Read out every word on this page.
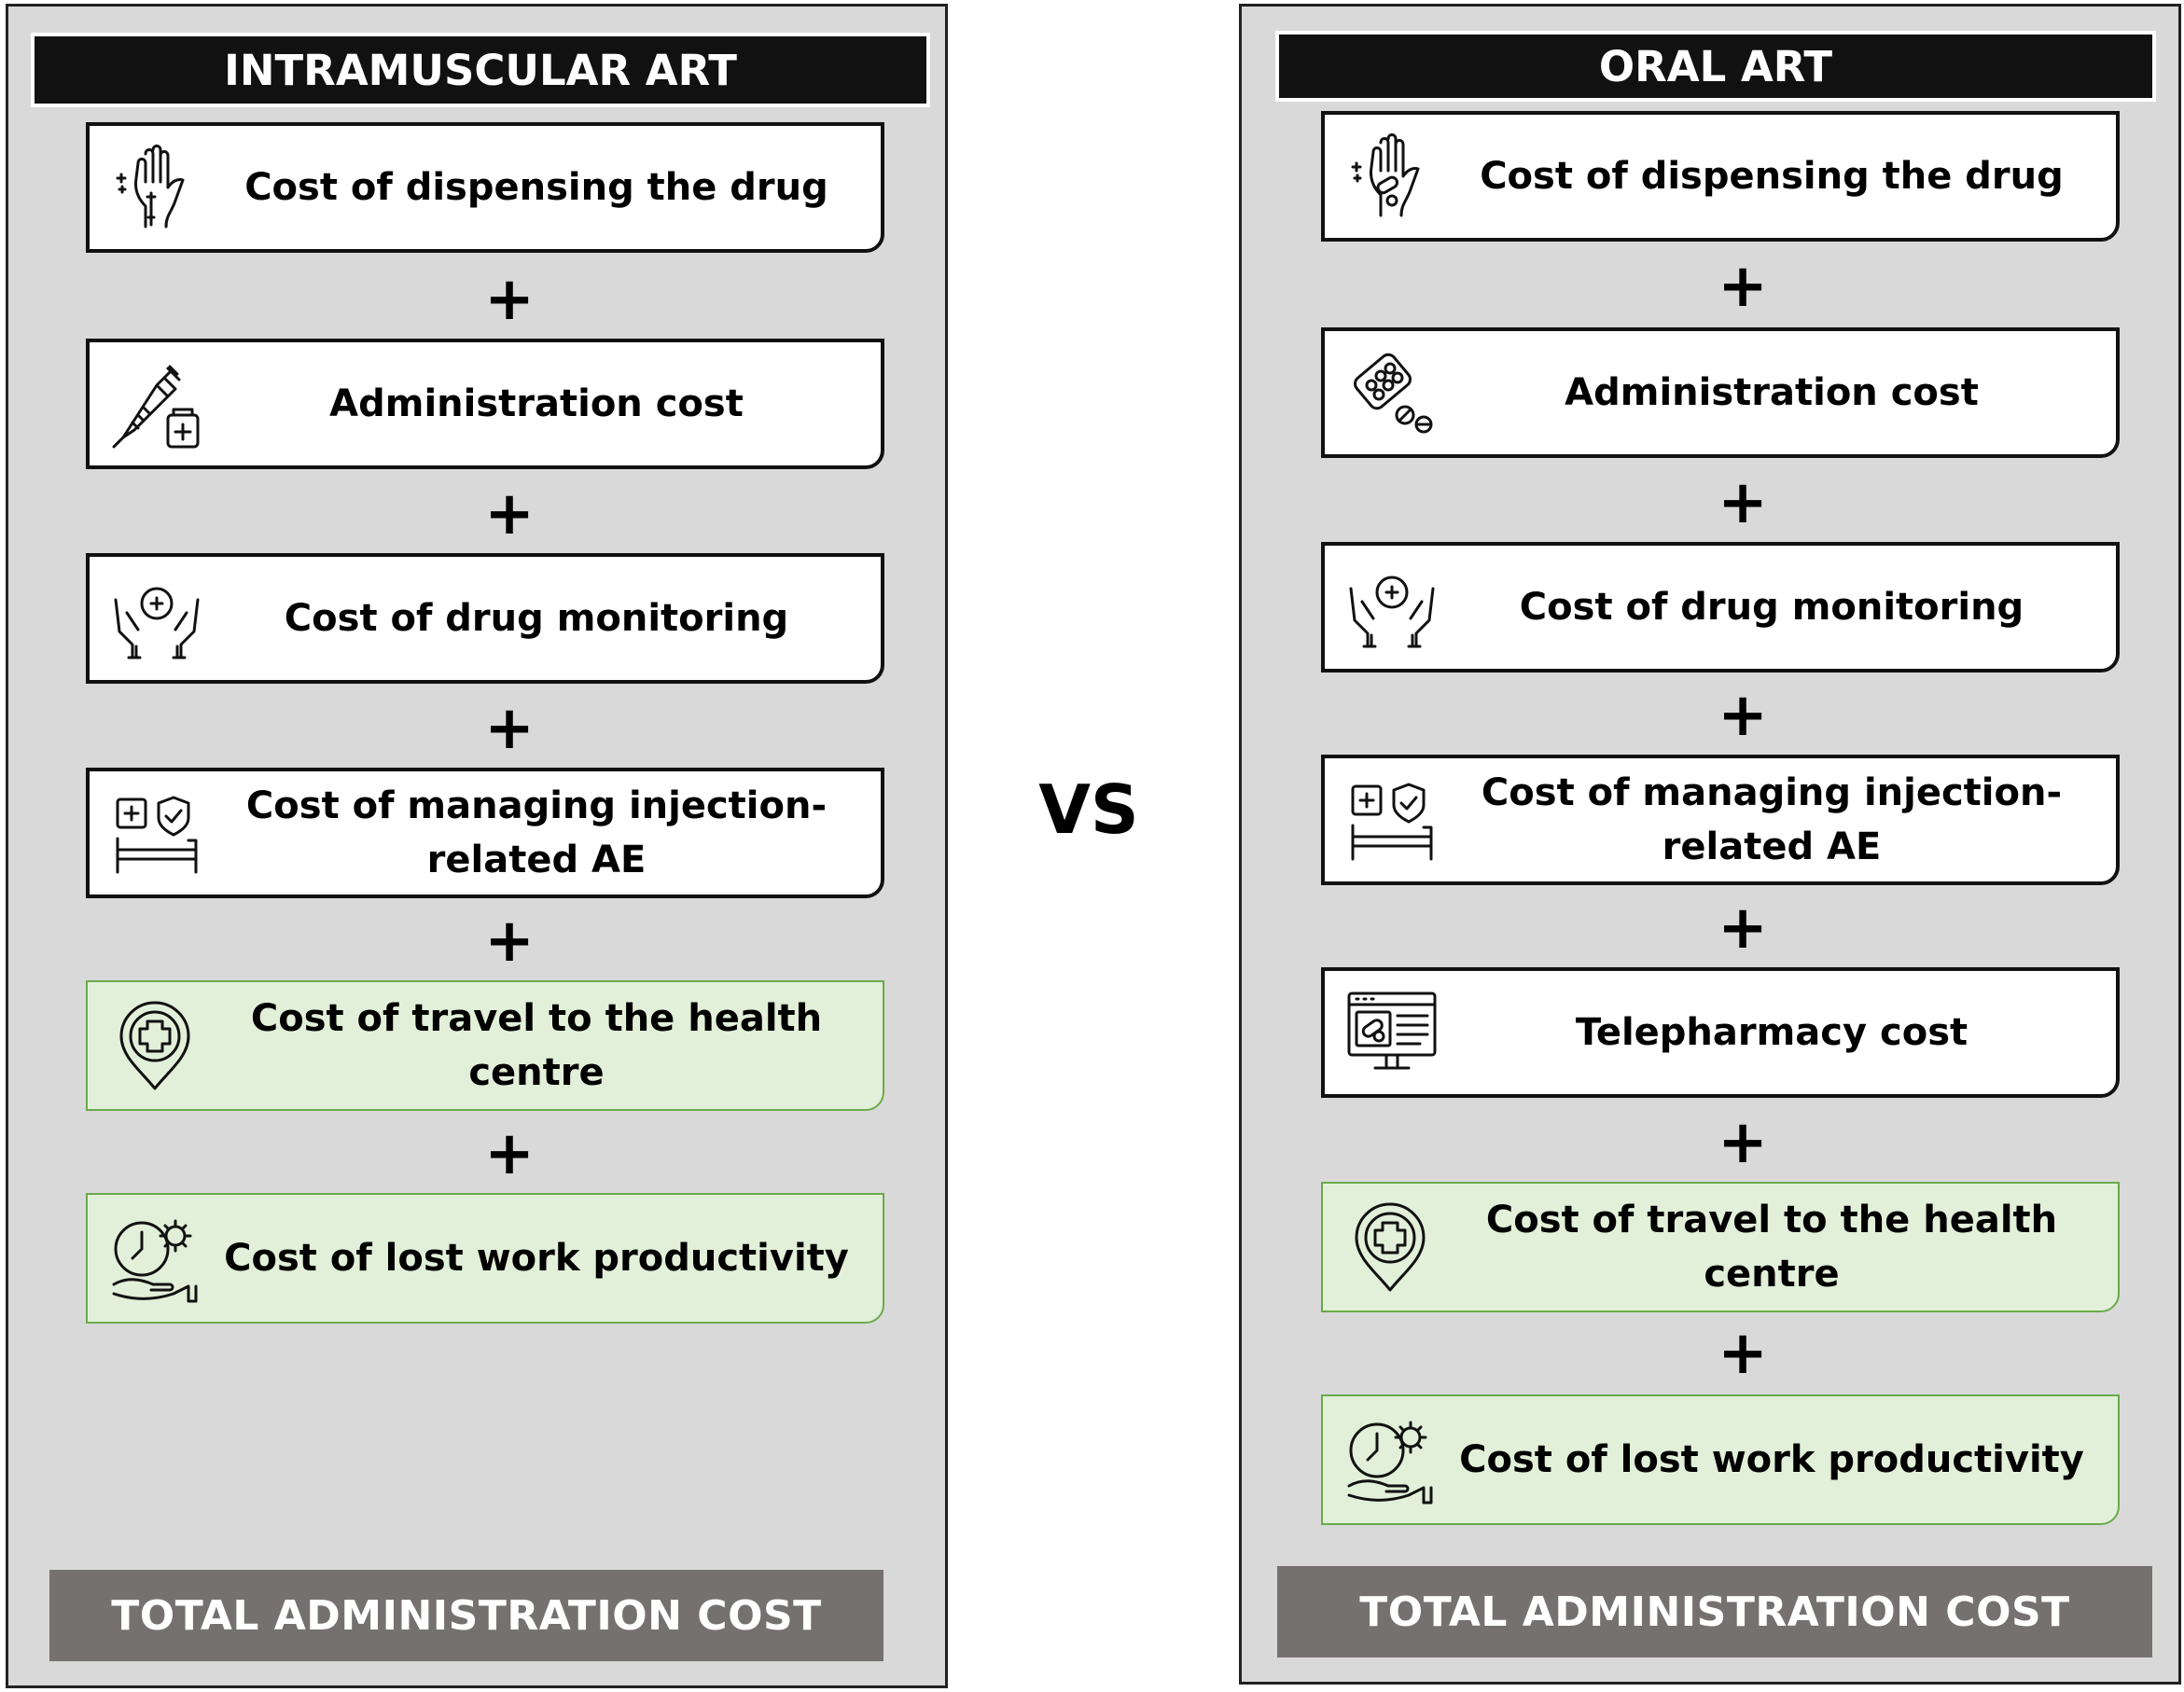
INTRAMUSCULAR ART
Cost of dispensing the drug
+
Administration cost
+
Cost of drug monitoring
+
Cost of managing injection-related AE
+
Cost of travel to the health centre
+
Cost of lost work productivity
TOTAL ADMINISTRATION COST
VS
ORAL ART
Cost of dispensing the drug
+
Administration cost
+
Cost of drug monitoring
+
Cost of managing injection-related AE
+
Telepharmacy cost
+
Cost of travel to the health centre
+
Cost of lost work productivity
TOTAL ADMINISTRATION COST
